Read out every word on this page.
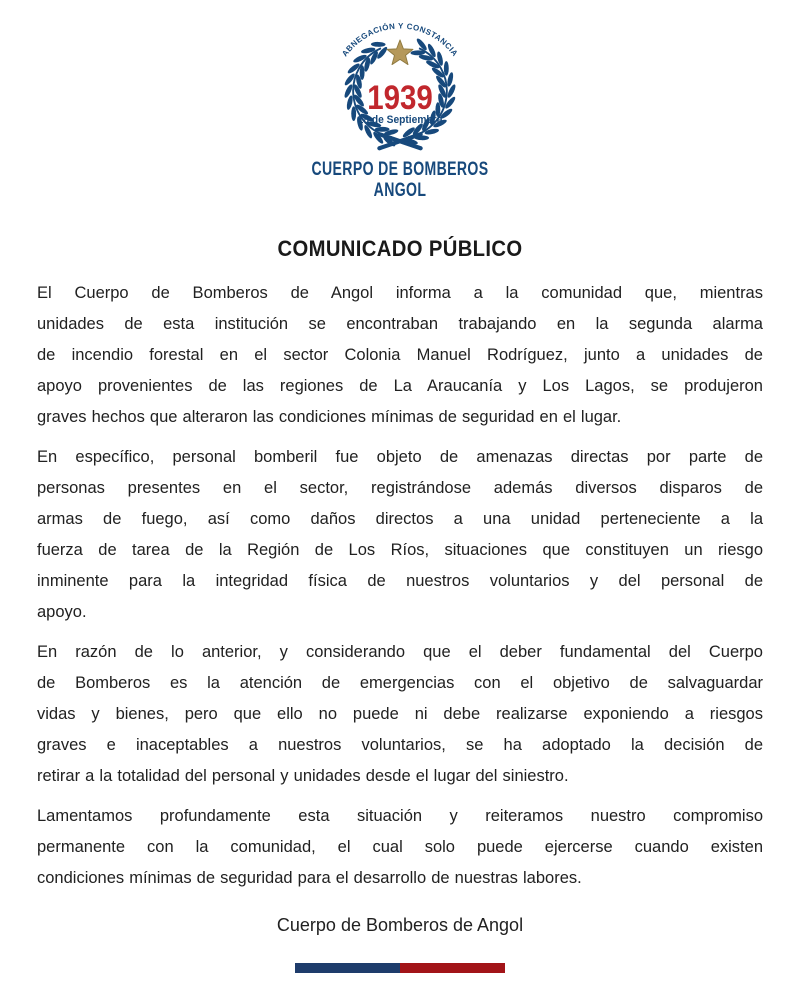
ABNEGACIÓN Y CONSTANCIA
1939
18 de Septiembre
CUERPO DE BOMBEROS
ANGOL
COMUNICADO PÚBLICO
El Cuerpo de Bomberos de Angol informa a la comunidad que, mientras
unidades de esta institución se encontraban trabajando en la segunda alarma
de incendio forestal en el sector Colonia Manuel Rodríguez, junto a unidades de
apoyo provenientes de las regiones de La Araucanía y Los Lagos, se produjeron
graves hechos que alteraron las condiciones mínimas de seguridad en el lugar.
En específico, personal bomberil fue objeto de amenazas directas por parte de
personas presentes en el sector, registrándose además diversos disparos de
armas de fuego, así como daños directos a una unidad perteneciente a la
fuerza de tarea de la Región de Los Ríos, situaciones que constituyen un riesgo
inminente para la integridad física de nuestros voluntarios y del personal de
apoyo.
En razón de lo anterior, y considerando que el deber fundamental del Cuerpo
de Bomberos es la atención de emergencias con el objetivo de salvaguardar
vidas y bienes, pero que ello no puede ni debe realizarse exponiendo a riesgos
graves e inaceptables a nuestros voluntarios, se ha adoptado la decisión de
retirar a la totalidad del personal y unidades desde el lugar del siniestro.
Lamentamos profundamente esta situación y reiteramos nuestro compromiso
permanente con la comunidad, el cual solo puede ejercerse cuando existen
condiciones mínimas de seguridad para el desarrollo de nuestras labores.
Cuerpo de Bomberos de Angol
